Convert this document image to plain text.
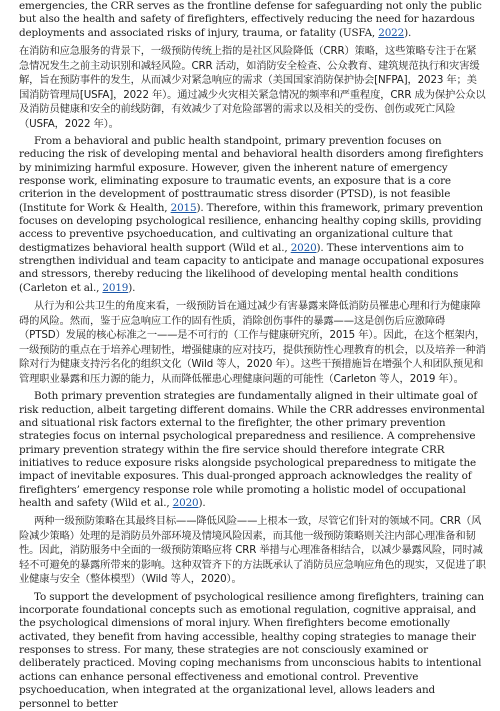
emergencies, the CRR serves as the frontline defense for safeguarding not only the public but also the health and safety of firefighters, effectively reducing the need for hazardous deployments and associated risks of injury, trauma, or fatality (USFA, 2022).

在消防和应急服务的背景下，一级预防传统上指的是社区风险降低（CRR）策略，这些策略专注于在紧急情况发生之前主动识别和减轻风险。CRR 活动，如消防安全检查、公众教育、建筑规范执行和灾害缓解，旨在预防事件的发生，从而减少对紧急响应的需求（美国国家消防保护协会[NFPA]，2023 年；美国消防管理局[USFA]，2022 年）。通过减少火灾相关紧急情况的频率和严重程度，CRR 成为保护公众以及消防员健康和安全的前线防御，有效减少了对危险部署的需求以及相关的受伤、创伤或死亡风险（USFA，2022 年）。

From a behavioral and public health standpoint, primary prevention focuses on reducing the risk of developing mental and behavioral health disorders among firefighters by minimizing harmful exposure. However, given the inherent nature of emergency response work, eliminating exposure to traumatic events, an exposure that is a core criterion in the development of posttraumatic stress disorder (PTSD), is not feasible (Institute for Work & Health, 2015). Therefore, within this framework, primary prevention focuses on developing psychological resilience, enhancing healthy coping skills, providing access to preventive psychoeducation, and cultivating an organizational culture that destigmatizes behavioral health support (Wild et al., 2020). These interventions aim to strengthen individual and team capacity to anticipate and manage occupational exposures and stressors, thereby reducing the likelihood of developing mental health conditions (Carleton et al., 2019).

从行为和公共卫生的角度来看，一级预防旨在通过减少有害暴露来降低消防员罹患心理和行为健康障碍的风险。然而，鉴于应急响应工作的固有性质，消除创伤事件的暴露——这是创伤后应激障碍（PTSD）发展的核心标准之一——是不可行的（工作与健康研究所，2015 年）。因此，在这个框架内，一级预防的重点在于培养心理韧性，增强健康的应对技巧，提供预防性心理教育的机会，以及培养一种消除对行为健康支持污名化的组织文化（Wild 等人，2020 年）。这些干预措施旨在增强个人和团队预见和管理职业暴露和压力源的能力，从而降低罹患心理健康问题的可能性（Carleton 等人，2019 年）。

Both primary prevention strategies are fundamentally aligned in their ultimate goal of risk reduction, albeit targeting different domains. While the CRR addresses environmental and situational risk factors external to the firefighter, the other primary prevention strategies focus on internal psychological preparedness and resilience. A comprehensive primary prevention strategy within the fire service should therefore integrate CRR initiatives to reduce exposure risks alongside psychological preparedness to mitigate the impact of inevitable exposures. This dual-pronged approach acknowledges the reality of firefighters’ emergency response role while promoting a holistic model of occupational health and safety (Wild et al., 2020).

两种一级预防策略在其最终目标——降低风险——上根本一致，尽管它们针对的领域不同。CRR（风险减少策略）处理的是消防员外部环境及情境风险因素，而其他一级预防策略则关注内部心理准备和韧性。因此，消防服务中全面的一级预防策略应将 CRR 举措与心理准备相结合，以减少暴露风险，同时减轻不可避免的暴露所带来的影响。这种双管齐下的方法既承认了消防员应急响应角色的现实，又促进了职业健康与安全（整体模型）（Wild 等人，2020）。

To support the development of psychological resilience among firefighters, training can incorporate foundational concepts such as emotional regulation, cognitive appraisal, and the psychological dimensions of moral injury. When firefighters become emotionally activated, they benefit from having accessible, healthy coping strategies to manage their responses to stress. For many, these strategies are not consciously examined or deliberately practiced. Moving coping mechanisms from unconscious habits to intentional actions can enhance personal effectiveness and emotional control. Preventive psychoeducation, when integrated at the organizational level, allows leaders and personnel to better
